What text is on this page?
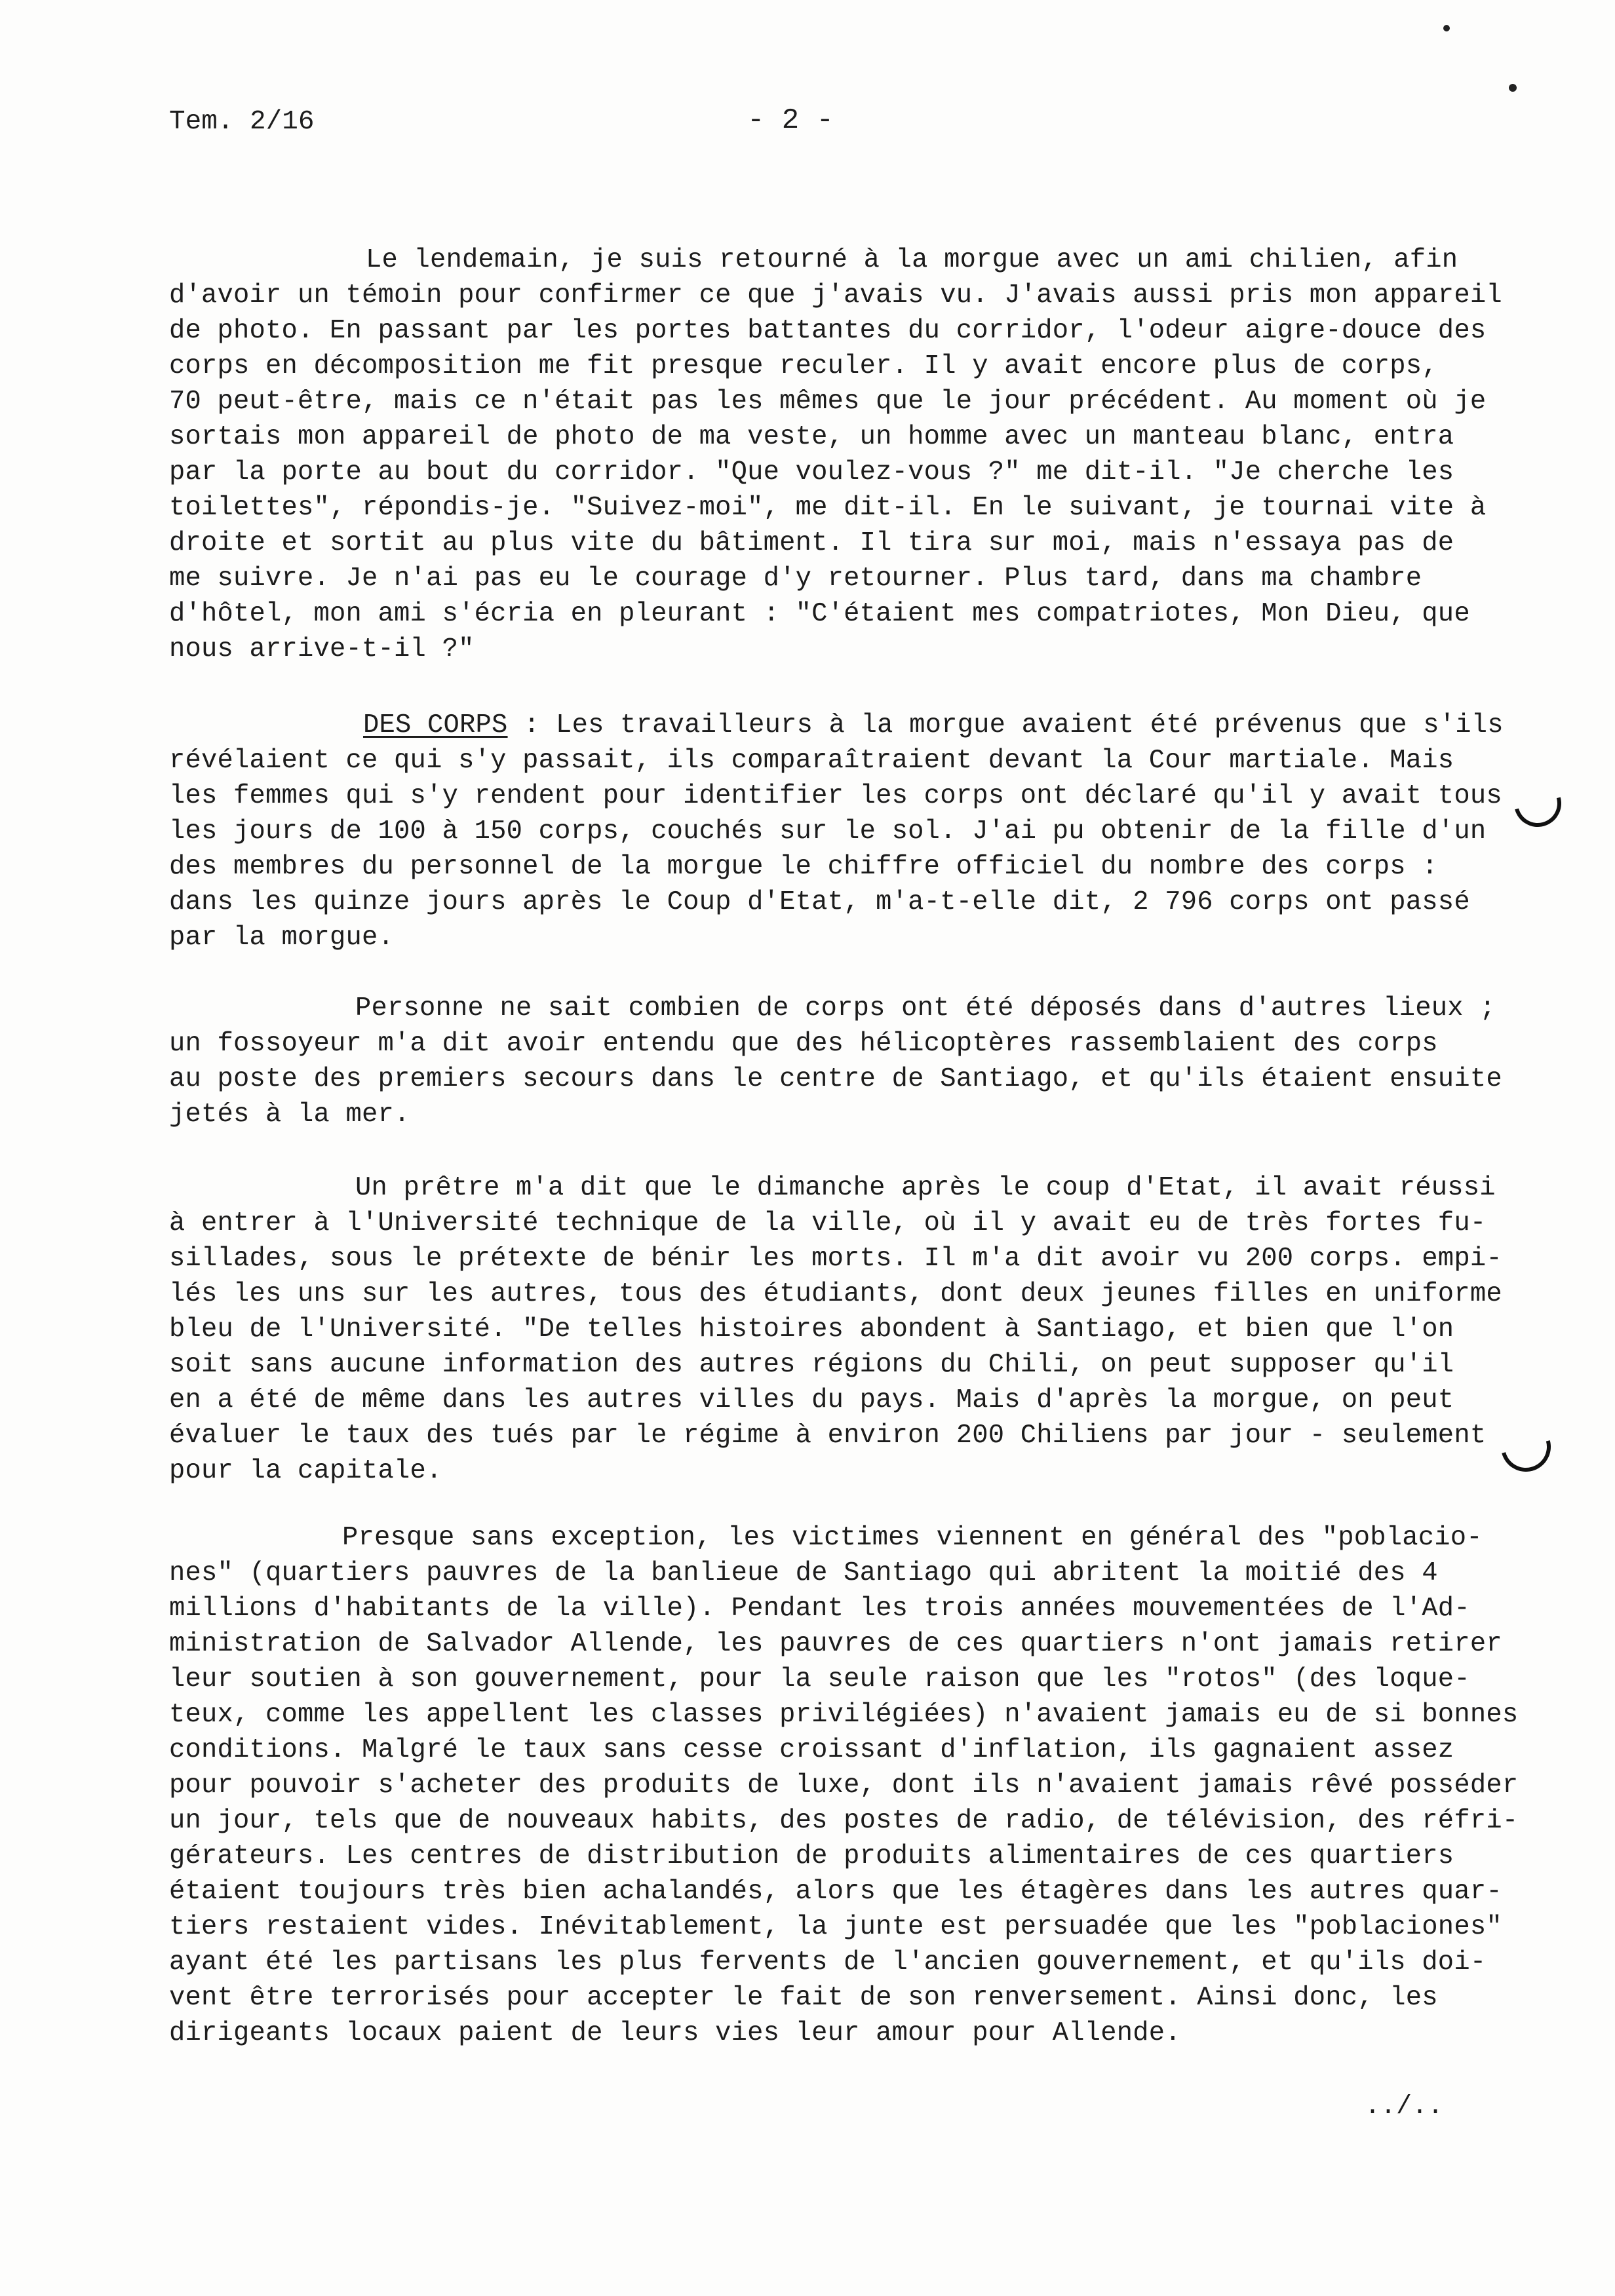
Tem. 2/16	- 2 -
Le lendemain, je suis retourné à la morgue avec un ami chilien, afin
d'avoir un témoin pour confirmer ce que j'avais vu. J'avais aussi pris mon appareil
de photo. En passant par les portes battantes du corridor, l'odeur aigre-douce des
corps en décomposition me fit presque reculer. Il y avait encore plus de corps,
70 peut-être, mais ce n'était pas les mêmes que le jour précédent. Au moment où je
sortais mon appareil de photo de ma veste, un homme avec un manteau blanc, entra
par la porte au bout du corridor. "Que voulez-vous ?" me dit-il. "Je cherche les
toilettes", répondis-je. "Suivez-moi", me dit-il. En le suivant, je tournai vite à
droite et sortit au plus vite du bâtiment. Il tira sur moi, mais n'essaya pas de
me suivre. Je n'ai pas eu le courage d'y retourner. Plus tard, dans ma chambre
d'hôtel, mon ami s'écria en pleurant : "C'étaient mes compatriotes, Mon Dieu, que
nous arrive-t-il ?"
DES CORPS : Les travailleurs à la morgue avaient été prévenus que s'ils
révélaient ce qui s'y passait, ils comparaîtraient devant la Cour martiale. Mais
les femmes qui s'y rendent pour identifier les corps ont déclaré qu'il y avait tous
les jours de 100 à 150 corps, couchés sur le sol. J'ai pu obtenir de la fille d'un
des membres du personnel de la morgue le chiffre officiel du nombre des corps :
dans les quinze jours après le Coup d'Etat, m'a-t-elle dit, 2 796 corps ont passé
par la morgue.
Personne ne sait combien de corps ont été déposés dans d'autres lieux ;
un fossoyeur m'a dit avoir entendu que des hélicoptères rassemblaient des corps
au poste des premiers secours dans le centre de Santiago, et qu'ils étaient ensuite
jetés à la mer.
Un prêtre m'a dit que le dimanche après le coup d'Etat, il avait réussi
à entrer à l'Université technique de la ville, où il y avait eu de très fortes fu-
sillades, sous le prétexte de bénir les morts. Il m'a dit avoir vu 200 corps. empi-
lés les uns sur les autres, tous des étudiants, dont deux jeunes filles en uniforme
bleu de l'Université. "De telles histoires abondent à Santiago, et bien que l'on
soit sans aucune information des autres régions du Chili, on peut supposer qu'il
en a été de même dans les autres villes du pays. Mais d'après la morgue, on peut
évaluer le taux des tués par le régime à environ 200 Chiliens par jour - seulement
pour la capitale.
Presque sans exception, les victimes viennent en général des "poblacio-
nes" (quartiers pauvres de la banlieue de Santiago qui abritent la moitié des 4
millions d'habitants de la ville). Pendant les trois années mouvementées de l'Ad-
ministration de Salvador Allende, les pauvres de ces quartiers n'ont jamais retirer
leur soutien à son gouvernement, pour la seule raison que les "rotos" (des loque-
teux, comme les appellent les classes privilégiées) n'avaient jamais eu de si bonnes
conditions. Malgré le taux sans cesse croissant d'inflation, ils gagnaient assez
pour pouvoir s'acheter des produits de luxe, dont ils n'avaient jamais rêvé posséder
un jour, tels que de nouveaux habits, des postes de radio, de télévision, des réfri-
gérateurs. Les centres de distribution de produits alimentaires de ces quartiers
étaient toujours très bien achalandés, alors que les étagères dans les autres quar-
tiers restaient vides. Inévitablement, la junte est persuadée que les "poblaciones"
ayant été les partisans les plus fervents de l'ancien gouvernement, et qu'ils doi-
vent être terrorisés pour accepter le fait de son renversement. Ainsi donc, les
dirigeants locaux paient de leurs vies leur amour pour Allende.
../..
